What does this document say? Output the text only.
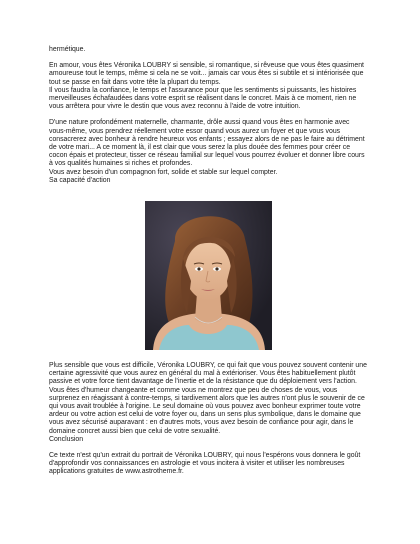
hermétique.

En amour, vous êtes Véronika LOUBRY si sensible, si romantique, si rêveuse que vous êtes quasiment amoureuse tout le temps, même si cela ne se voit... jamais car vous êtes si subtile et si intériorisée que tout se passe en fait dans votre tête la plupart du temps.

Il vous faudra la confiance, le temps et l'assurance pour que les sentiments si puissants, les histoires merveilleuses échafaudées dans votre esprit se réalisent dans le concret. Mais à ce moment, rien ne vous arrêtera pour vivre le destin que vous avez reconnu à l'aide de votre intuition.

D'une nature profondément maternelle, charmante, drôle aussi quand vous êtes en harmonie avec vous-même, vous prendrez réellement votre essor quand vous aurez un foyer et que vous vous consacrerez avec bonheur à rendre heureux vos enfants ; essayez alors de ne pas le faire au détriment de votre mari... A ce moment là, il est clair que vous serez la plus douée des femmes pour créer ce cocon épais et protecteur, tisser ce réseau familial sur lequel vous pourrez évoluer et donner libre cours à vos qualités humaines si riches et profondes.

Vous avez besoin d'un compagnon fort, solide et stable sur lequel compter.

Sa capacité d'action

Plus sensible que vous est difficile, Véronika LOUBRY, ce qui fait que vous pouvez souvent contenir une certaine agressivité que vous aurez en général du mal à extérioriser. Vous êtes habituellement plutôt passive et votre force tient davantage de l'inertie et de la résistance que du déploiement vers l'action. Vous êtes d'humeur changeante et comme vous ne montrez que peu de choses de vous, vous surprenez en réagissant à contre-temps, si tardivement alors que les autres n'ont plus le souvenir de ce qui vous avait troublée à l'origine. Le seul domaine où vous pouvez avec bonheur exprimer toute votre ardeur ou votre action est celui de votre foyer ou, dans un sens plus symbolique, dans le domaine que vous avez sécurisé auparavant : en d'autres mots, vous avez besoin de confiance pour agir, dans le domaine concret aussi bien que celui de votre sexualité.

Conclusion

Ce texte n'est qu'un extrait du portrait de Véronika LOUBRY, qui nous l'espérons vous donnera le goût d'approfondir vos connaissances en astrologie et vous incitera à visiter et utiliser les nombreuses applications gratuites de www.astrotheme.fr.
